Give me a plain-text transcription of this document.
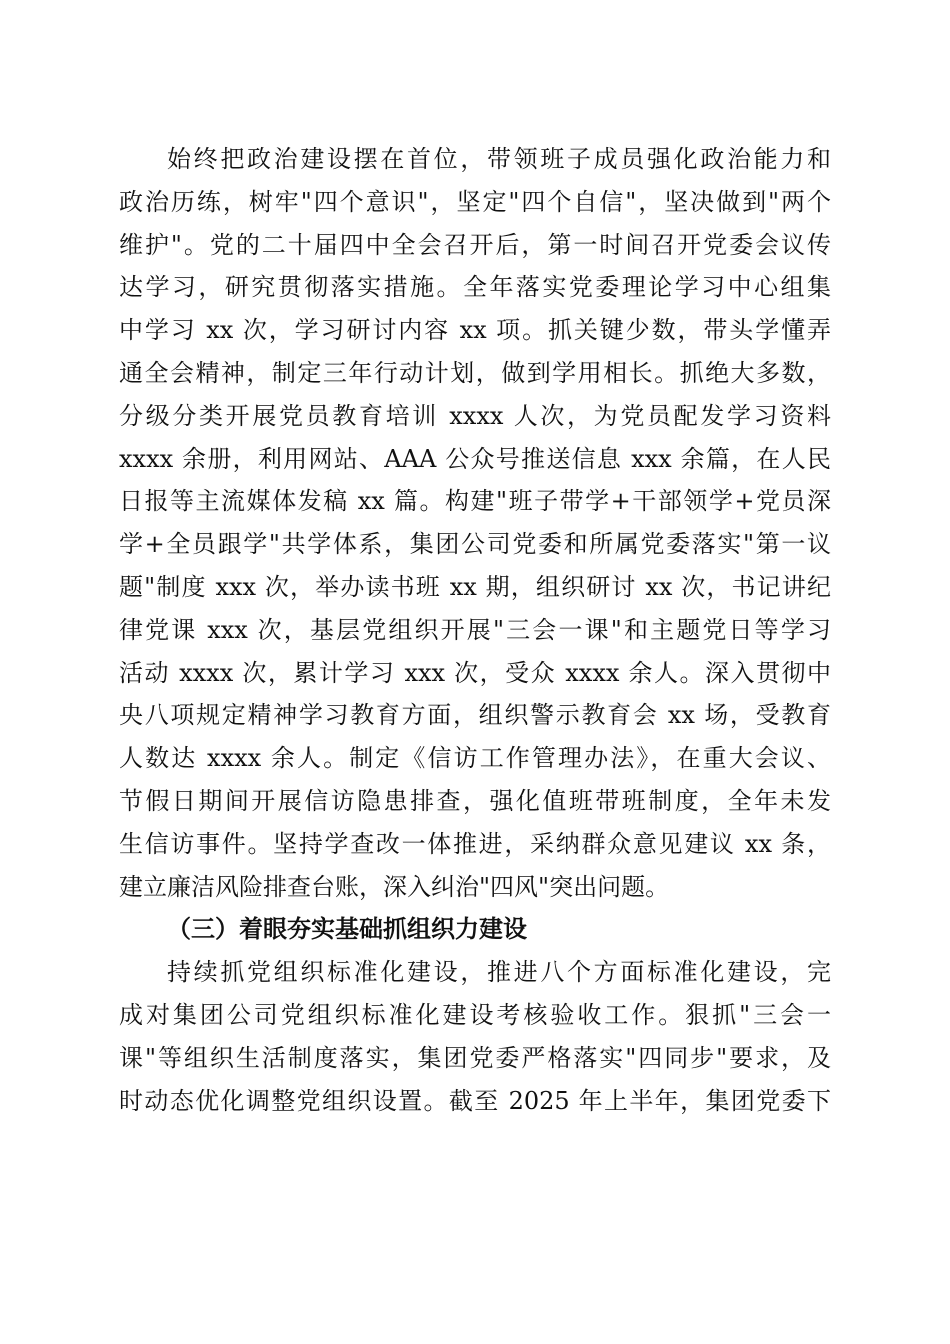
始终把政治建设摆在首位，带领班子成员强化政治能力和
政治历练，树牢"四个意识"，坚定"四个自信"，坚决做到"两个
维护"。党的二十届四中全会召开后，第一时间召开党委会议传
达学习，研究贯彻落实措施。全年落实党委理论学习中心组集
中学习 xx 次，学习研讨内容 xx 项。抓关键少数，带头学懂弄
通全会精神，制定三年行动计划，做到学用相长。抓绝大多数，
分级分类开展党员教育培训 xxxx 人次，为党员配发学习资料
xxxx 余册，利用网站、AAA 公众号推送信息 xxx 余篇，在人民
日报等主流媒体发稿 xx 篇。构建"班子带学+干部领学+党员深
学+全员跟学"共学体系，集团公司党委和所属党委落实"第一议
题"制度 xxx 次，举办读书班 xx 期，组织研讨 xx 次，书记讲纪
律党课 xxx 次，基层党组织开展"三会一课"和主题党日等学习
活动 xxxx 次，累计学习 xxx 次，受众 xxxx 余人。深入贯彻中
央八项规定精神学习教育方面，组织警示教育会 xx 场，受教育
人数达 xxxx 余人。制定《信访工作管理办法》，在重大会议、
节假日期间开展信访隐患排查，强化值班带班制度，全年未发
生信访事件。坚持学查改一体推进，采纳群众意见建议 xx 条，
建立廉洁风险排查台账，深入纠治"四风"突出问题。
（三）着眼夯实基础抓组织力建设
持续抓党组织标准化建设，推进八个方面标准化建设，完
成对集团公司党组织标准化建设考核验收工作。狠抓"三会一
课"等组织生活制度落实，集团党委严格落实"四同步"要求，及
时动态优化调整党组织设置。截至 2025 年上半年，集团党委下
